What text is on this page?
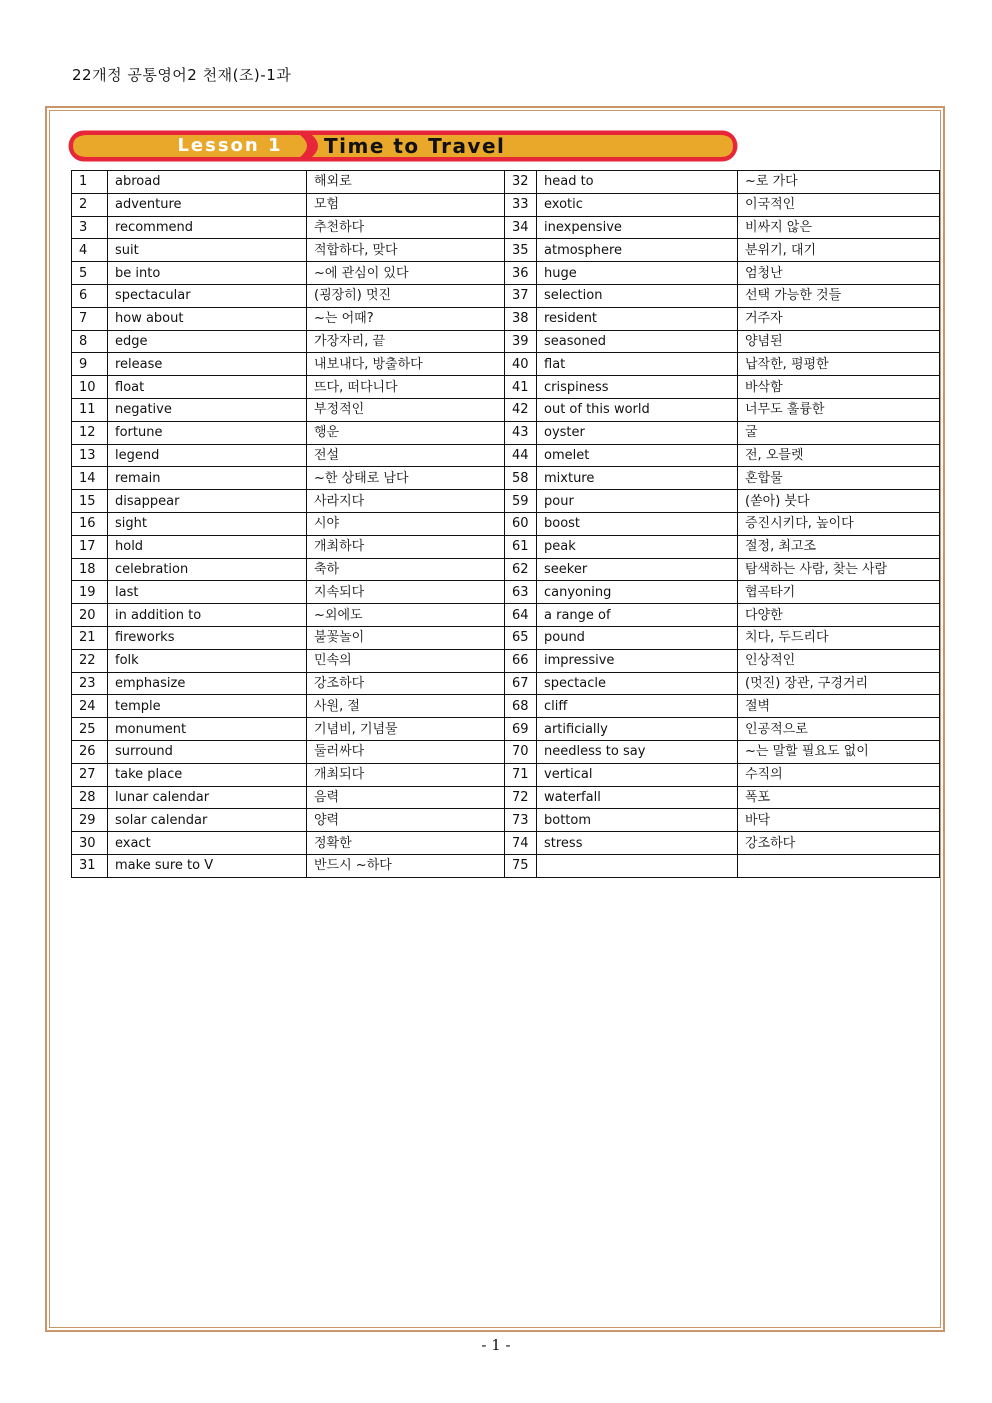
22개정 공통영어2 천재(조)-1과
Lesson 1	Time to Travel
1	abroad	해외로	32	head to	~로 가다
2	adventure	모험	33	exotic	이국적인
3	recommend	추천하다	34	inexpensive	비싸지 않은
4	suit	적합하다, 맞다	35	atmosphere	분위기, 대기
5	be into	~에 관심이 있다	36	huge	엄청난
6	spectacular	(굉장히) 멋진	37	selection	선택 가능한 것들
7	how about	~는 어때?	38	resident	거주자
8	edge	가장자리, 끝	39	seasoned	양념된
9	release	내보내다, 방출하다	40	flat	납작한, 평평한
10	float	뜨다, 떠다니다	41	crispiness	바삭함
11	negative	부정적인	42	out of this world	너무도 훌륭한
12	fortune	행운	43	oyster	굴
13	legend	전설	44	omelet	전, 오믈렛
14	remain	~한 상태로 남다	58	mixture	혼합물
15	disappear	사라지다	59	pour	(쏟아) 붓다
16	sight	시야	60	boost	증진시키다, 높이다
17	hold	개최하다	61	peak	절정, 최고조
18	celebration	축하	62	seeker	탐색하는 사람, 찾는 사람
19	last	지속되다	63	canyoning	협곡타기
20	in addition to	~외에도	64	a range of	다양한
21	fireworks	불꽃놀이	65	pound	치다, 두드리다
22	folk	민속의	66	impressive	인상적인
23	emphasize	강조하다	67	spectacle	(멋진) 장관, 구경거리
24	temple	사원, 절	68	cliff	절벽
25	monument	기념비, 기념물	69	artificially	인공적으로
26	surround	둘러싸다	70	needless to say	~는 말할 필요도 없이
27	take place	개최되다	71	vertical	수직의
28	lunar calendar	음력	72	waterfall	폭포
29	solar calendar	양력	73	bottom	바닥
30	exact	정확한	74	stress	강조하다
31	make sure to V	반드시 ~하다	75		
- 1 -
